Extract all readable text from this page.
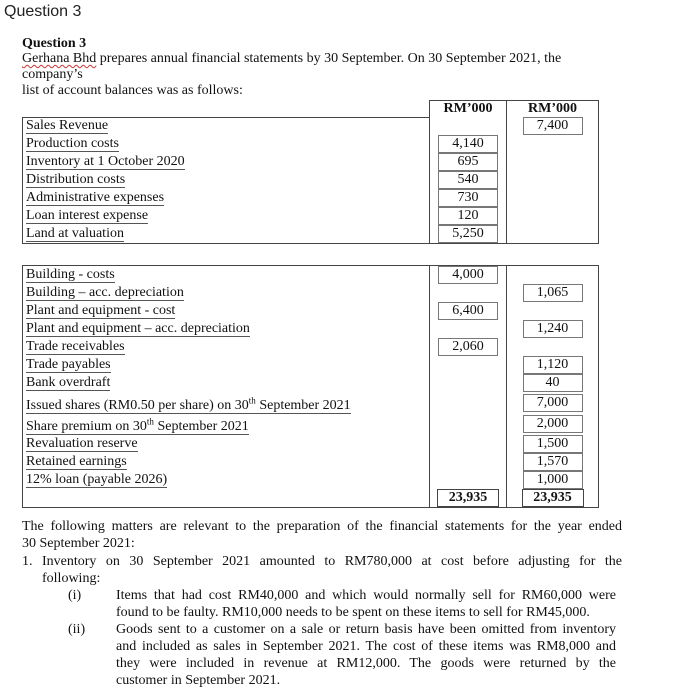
Question 3
Question 3
Gerhana Bhd prepares annual financial statements by 30 September. On 30 September 2021, the company’s
list of account balances was as follows:
	RM’000	RM’000
Sales Revenue		7,400
Production costs	4,140	
Inventory at 1 October 2020	695	
Distribution costs	540	
Administrative expenses	730	
Loan interest expense	120	
Land at valuation	5,250	
Building - costs	4,000	
Building – acc. depreciation		1,065
Plant and equipment - cost	6,400	
Plant and equipment – acc. depreciation		1,240
Trade receivables	2,060	
Trade payables		1,120
Bank overdraft		40
Issued shares (RM0.50 per share) on 30th September 2021		7,000
Share premium on 30th September 2021		2,000
Revaluation reserve		1,500
Retained earnings		1,570
12% loan (payable 2026)		1,000
	23,935	23,935
The following matters are relevant to the preparation of the financial statements for the year ended
30 September 2021:
1. Inventory on 30 September 2021 amounted to RM780,000 at cost before adjusting for the
following:
(i) Items that had cost RM40,000 and which would normally sell for RM60,000 were
found to be faulty. RM10,000 needs to be spent on these items to sell for RM45,000.
(ii) Goods sent to a customer on a sale or return basis have been omitted from inventory
and included as sales in September 2021. The cost of these items was RM8,000 and
they were included in revenue at RM12,000. The goods were returned by the
customer in September 2021.
